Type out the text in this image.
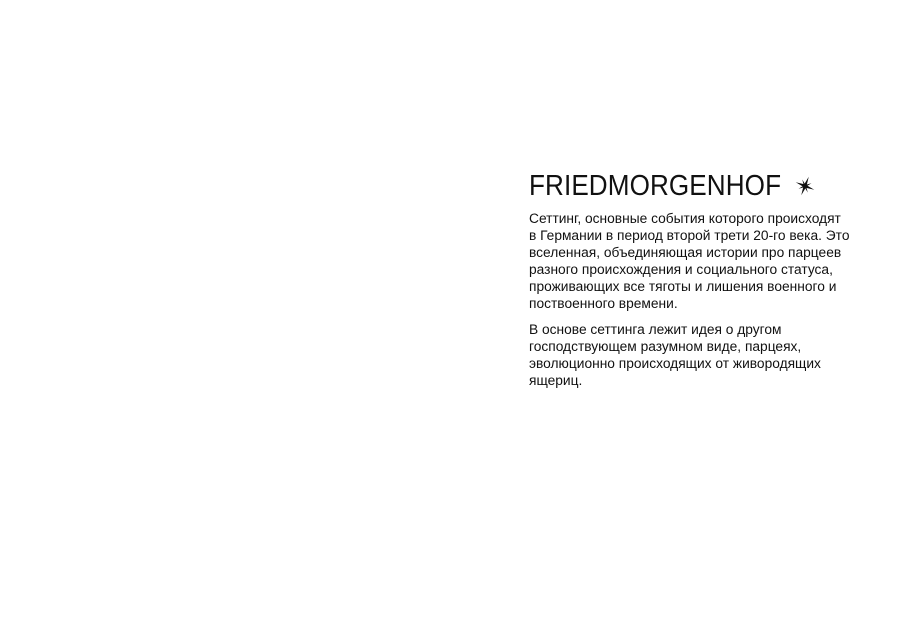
FRIEDMORGENHOF

Сеттинг, основные события которого происходят
в Германии в период второй трети 20-го века. Это
вселенная, объединяющая истории про парцеев
разного происхождения и социального статуса,
проживающих все тяготы и лишения военного и
поствоенного времени.

В основе сеттинга лежит идея о другом
господствующем разумном виде, парцеях,
эволюционно происходящих от живородящих
ящериц.
